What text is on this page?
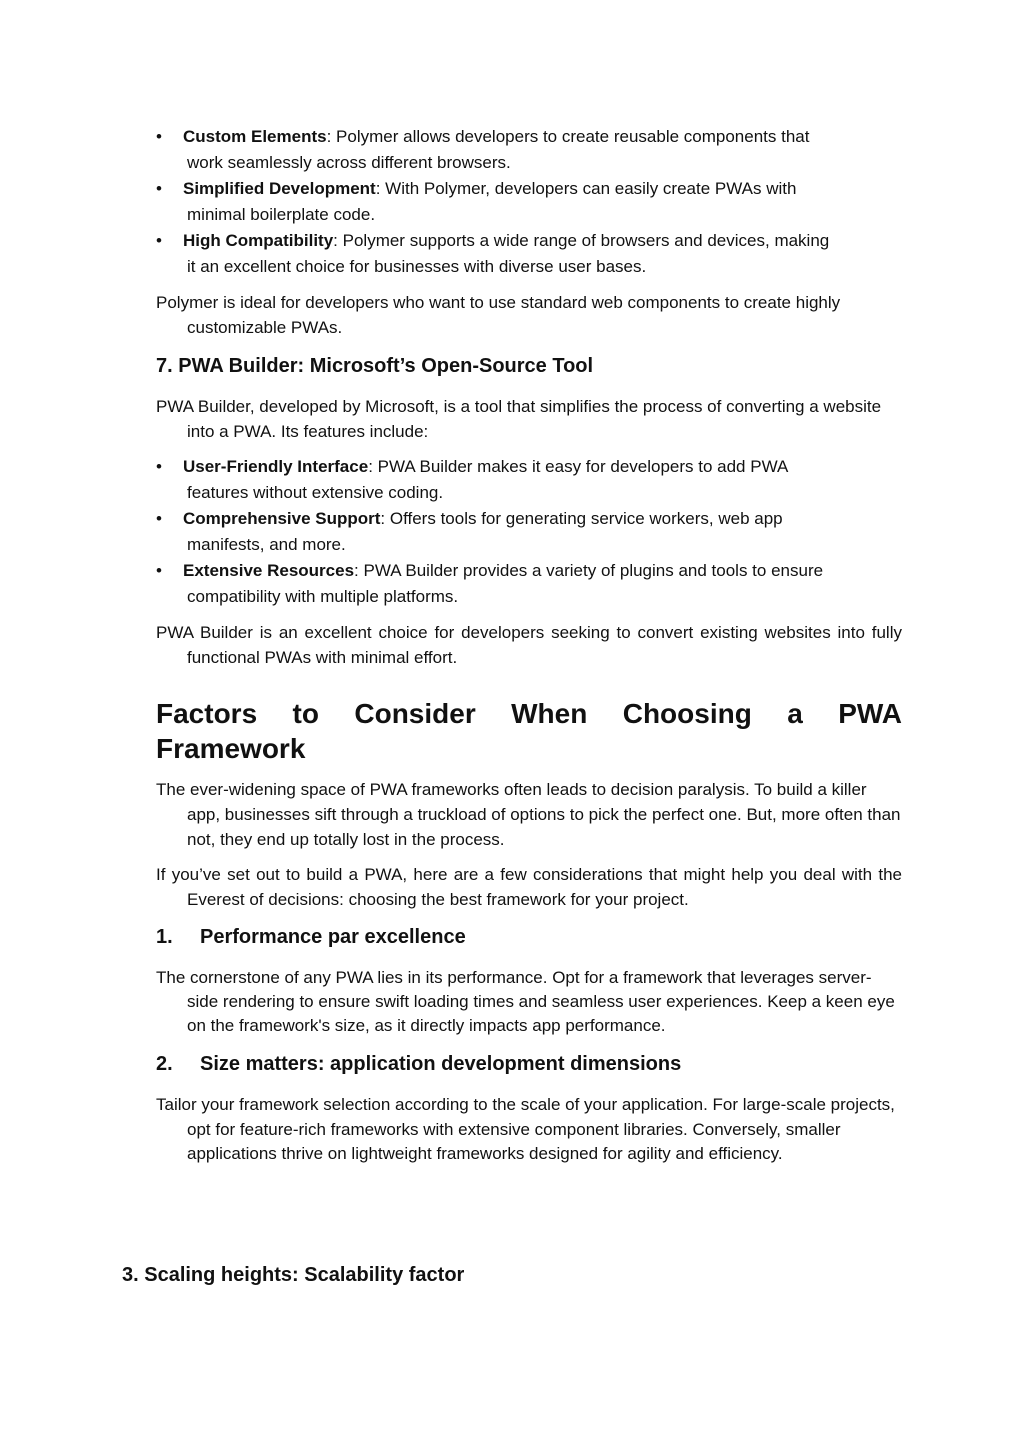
• Custom Elements: Polymer allows developers to create reusable components that
work seamlessly across different browsers.
• Simplified Development: With Polymer, developers can easily create PWAs with
minimal boilerplate code.
• High Compatibility: Polymer supports a wide range of browsers and devices, making
it an excellent choice for businesses with diverse user bases.

Polymer is ideal for developers who want to use standard web components to create highly customizable PWAs.

7. PWA Builder: Microsoft’s Open-Source Tool

PWA Builder, developed by Microsoft, is a tool that simplifies the process of converting a website into a PWA. Its features include:

• User-Friendly Interface: PWA Builder makes it easy for developers to add PWA
features without extensive coding.
• Comprehensive Support: Offers tools for generating service workers, web app
manifests, and more.
• Extensive Resources: PWA Builder provides a variety of plugins and tools to ensure
compatibility with multiple platforms.

PWA Builder is an excellent choice for developers seeking to convert existing websites into fully functional PWAs with minimal effort.

Factors to Consider When Choosing a PWA
Framework

The ever-widening space of PWA frameworks often leads to decision paralysis. To build a killer app, businesses sift through a truckload of options to pick the perfect one. But, more often than not, they end up totally lost in the process.

If you’ve set out to build a PWA, here are a few considerations that might help you deal with the Everest of decisions: choosing the best framework for your project.

1.	Performance par excellence

The cornerstone of any PWA lies in its performance. Opt for a framework that leverages server-side rendering to ensure swift loading times and seamless user experiences. Keep a keen eye on the framework's size, as it directly impacts app performance.

2.	Size matters: application development dimensions

Tailor your framework selection according to the scale of your application. For large-scale projects, opt for feature-rich frameworks with extensive component libraries. Conversely, smaller applications thrive on lightweight frameworks designed for agility and efficiency.

3. Scaling heights: Scalability factor
